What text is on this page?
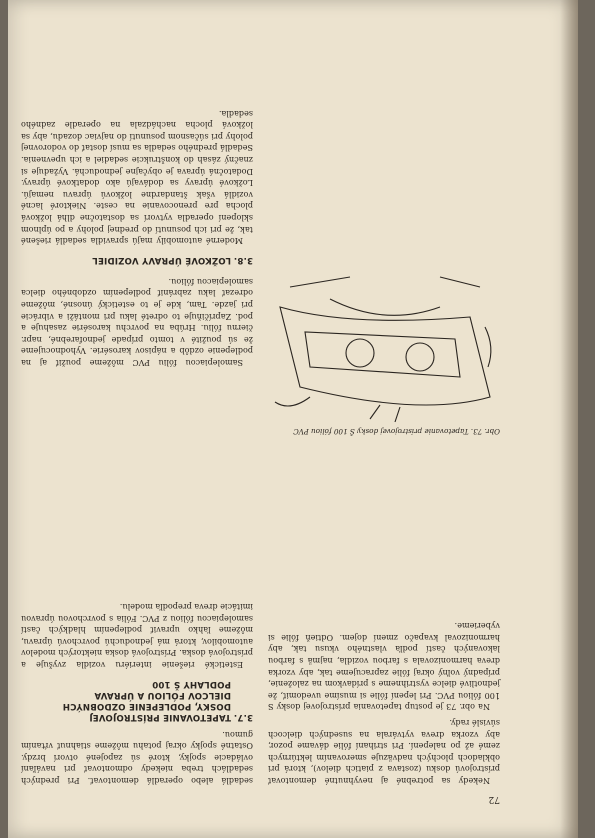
72

Nekedy sa potrebné aj nevyhnutné demontovať prístrojovú dosku (zostava z piatich dielov), ktorá pri obkladoch plochých nadväzuje smerovaním lektúrnych zemé až po nalepení. Pri strihaní fólie dávame pozor, aby vzorka dreva vytvárala na susedných dielcoch súvislé rady.

Na obr. 73 je postup tapetovania prístrojovej dosky S 100 fóliou PVC. Pri lepení fólie si musíme uvedomiť, že jednotlivé dielce vystrihneme s prídavkom na založenie, prípadný voľný okraj fólie zapracujeme tak, aby vzorka dreva harmonizovala s farbou vozidla, najmä s farbou lakovaných častí podľa vlastného vkusu tak, aby harmonizoval kvapačo zmení dojem. Odtieň fólie si vyberieme.

Obr. 73. Tapetovanie prístrojovej dosky Š 100 fóliou PVC

sedadlá alebo operadlá demontovať. Pri predných sedadlách treba niekedy odmontovať pri naváľaní ovládacie spojky, ktoré sú zapojené otvorí brzdy. Ostatné spojky okraj potahu môžeme stiahnuť vŕtaním gumou.

3.7.TAPETOVANIE PRÍSTROJOVEJ
DOSKY, PODLEPENIE OZDOBNÝCH
DIELCOV FÓLIOU A ÚPRAVA
PODLAHY Š 100

Estetické riešenie interiéru vozidla zvyšuje a prístrojová doska. Prístrojová doska niektorých modelov automobilov, ktorá má jednoduchú povrchovú úpravu, môžeme ľahko upraviť podlepením hladkých častí samolepiacou fóliou z PVC. Fólia s povrchovou úpravou imitácie dreva prepodľa modelu.

Samolepiacou fóliu PVC môžeme použiť aj na podlepenie ozdôb a nápisov karosérie. Vyhodnocujeme že sú použité v tomto prípade jednofarebné, napr. čiernu fóliu. Hrúba na povrchu karosérie zasahuje a pod. Zapríčiňuje to odreté laku pri montáži a vibrácie pri jazde. Tam, kde je to estetický únosné, môžeme odrezať laku zabrániť podlepením ozdobného dielca samolepiacou fóliou.

3.8.LOŽKOVÉ ÚPRAVY VOZIDIEL

Moderné automobily majú spravidla sedadlá riešené tak, že pri ich posunutí do prednej polohy a po úplnom sklopení operadla vytvorí sa dostatočne dlhá ložková plocha pre prenocovanie na ceste. Niektoré lacné vozidlá však štandardne ložkovú úpravu nemajú. Ložkové úpravy sa dodávajú ako dodatkové úpravy. Dodatočná úprava je obyčajne jednoduchá. Vyžaduje si značný zásah do konštrukcie sedadiel a ich upevnenia. Sedadlá predného sedadla sa musí dostať do vodorovnej polohy pri súčasnom posunutí do najviac dozadu, aby sa ložková plocha nachádzala na operadle zadného sedadla.
